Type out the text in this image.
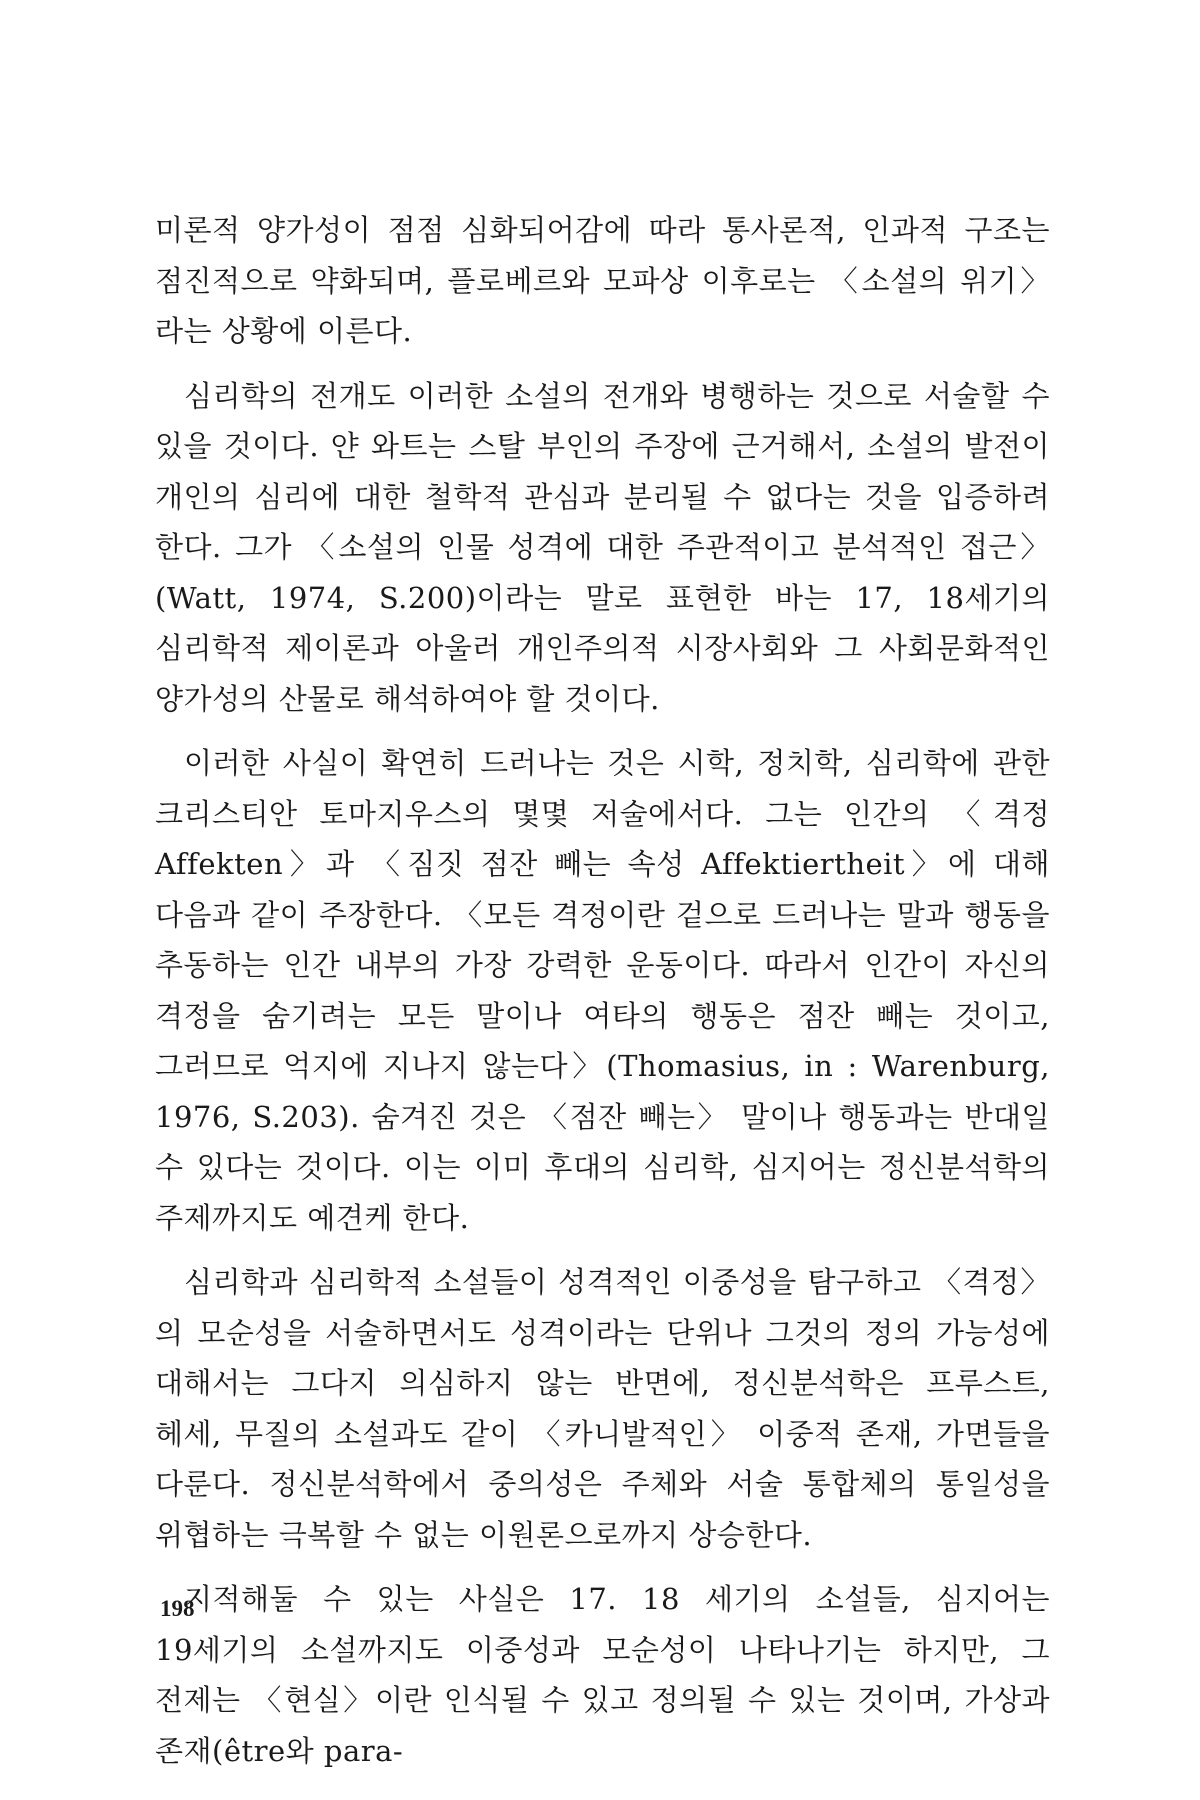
미론적 양가성이 점점 심화되어감에 따라 통사론적, 인과적 구조는 점진적으로 약화되며, 플로베르와 모파상 이후로는 〈소설의 위기〉라는 상황에 이른다.

심리학의 전개도 이러한 소설의 전개와 병행하는 것으로 서술할 수 있을 것이다. 얀 와트는 스탈 부인의 주장에 근거해서, 소설의 발전이 개인의 심리에 대한 철학적 관심과 분리될 수 없다는 것을 입증하려 한다. 그가 〈소설의 인물 성격에 대한 주관적이고 분석적인 접근〉(Watt, 1974, S.200)이라는 말로 표현한 바는 17, 18세기의 심리학적 제이론과 아울러 개인주의적 시장사회와 그 사회문화적인 양가성의 산물로 해석하여야 할 것이다.

이러한 사실이 확연히 드러나는 것은 시학, 정치학, 심리학에 관한 크리스티안 토마지우스의 몇몇 저술에서다. 그는 인간의 〈격정 Affekten〉과 〈짐짓 점잔 빼는 속성 Affektiertheit〉에 대해 다음과 같이 주장한다. 〈모든 격정이란 겉으로 드러나는 말과 행동을 추동하는 인간 내부의 가장 강력한 운동이다. 따라서 인간이 자신의 격정을 숨기려는 모든 말이나 여타의 행동은 점잔 빼는 것이고, 그러므로 억지에 지나지 않는다〉(Thomasius, in : Warenburg, 1976, S.203). 숨겨진 것은 〈점잔 빼는〉 말이나 행동과는 반대일 수 있다는 것이다. 이는 이미 후대의 심리학, 심지어는 정신분석학의 주제까지도 예견케 한다.

심리학과 심리학적 소설들이 성격적인 이중성을 탐구하고 〈격정〉의 모순성을 서술하면서도 성격이라는 단위나 그것의 정의 가능성에 대해서는 그다지 의심하지 않는 반면에, 정신분석학은 프루스트, 헤세, 무질의 소설과도 같이 〈카니발적인〉 이중적 존재, 가면들을 다룬다. 정신분석학에서 중의성은 주체와 서술 통합체의 통일성을 위협하는 극복할 수 없는 이원론으로까지 상승한다.

지적해둘 수 있는 사실은 17. 18 세기의 소설들, 심지어는 19세기의 소설까지도 이중성과 모순성이 나타나기는 하지만, 그 전제는 〈현실〉이란 인식될 수 있고 정의될 수 있는 것이며, 가상과 존재(être와 para-

198
